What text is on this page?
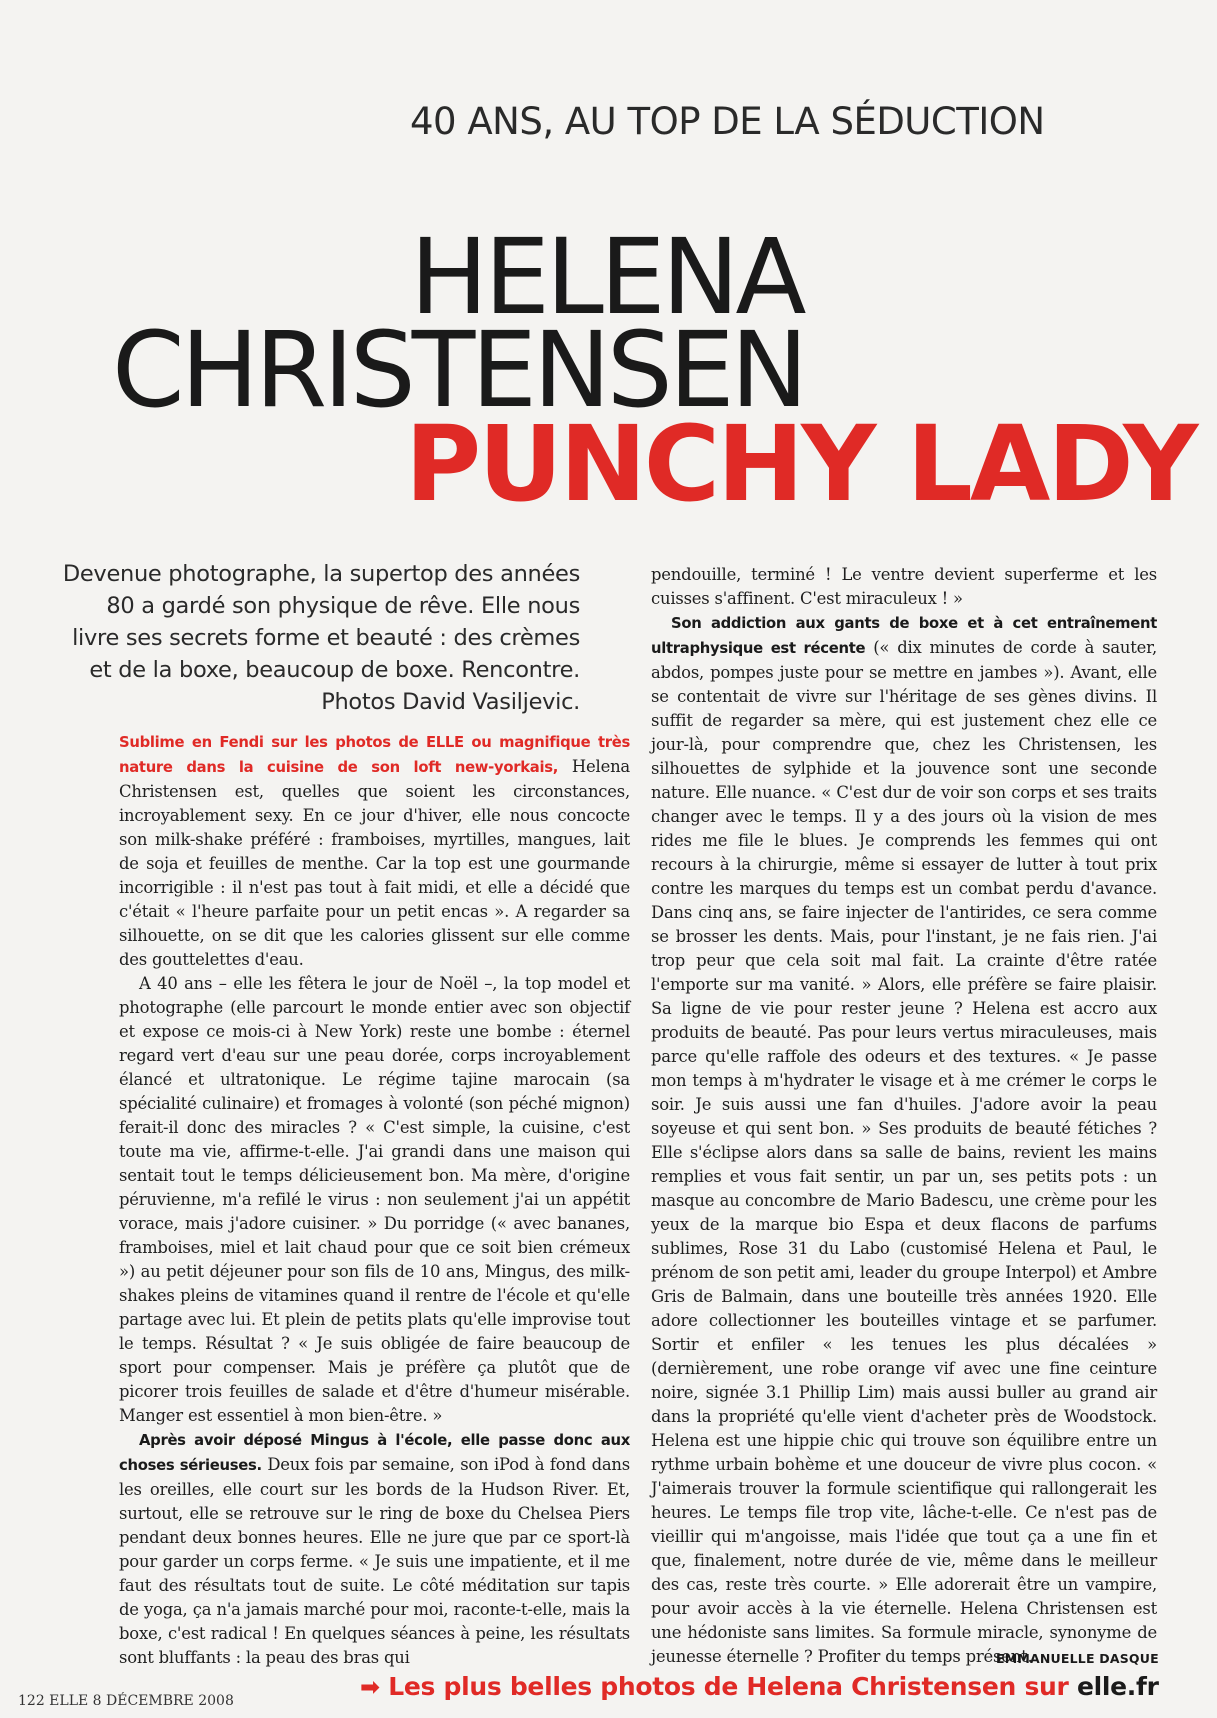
40 ANS, AU TOP DE LA SÉDUCTION
HELENA
CHRISTENSEN
PUNCHY LADY
Devenue photographe, la supertop des années 80 a gardé son physique de rêve. Elle nous livre ses secrets forme et beauté : des crèmes et de la boxe, beaucoup de boxe. Rencontre. Photos David Vasiljevic.

Sublime en Fendi sur les photos de ELLE ou magnifique très nature dans la cuisine de son loft new-yorkais, Helena Christensen est, quelles que soient les circonstances, incroyablement sexy. En ce jour d'hiver, elle nous concocte son milk-shake préféré : framboises, myrtilles, mangues, lait de soja et feuilles de menthe. Car la top est une gourmande incorrigible : il n'est pas tout à fait midi, et elle a décidé que c'était « l'heure parfaite pour un petit encas ». A regarder sa silhouette, on se dit que les calories glissent sur elle comme des gouttelettes d'eau.

A 40 ans – elle les fêtera le jour de Noël –, la top model et photographe (elle parcourt le monde entier avec son objectif et expose ce mois-ci à New York) reste une bombe : éternel regard vert d'eau sur une peau dorée, corps incroyablement élancé et ultratonique. Le régime tajine marocain (sa spécialité culinaire) et fromages à volonté (son péché mignon) ferait-il donc des miracles ? « C'est simple, la cuisine, c'est toute ma vie, affirme-t-elle. J'ai grandi dans une maison qui sentait tout le temps délicieusement bon. Ma mère, d'origine péruvienne, m'a refilé le virus : non seulement j'ai un appétit vorace, mais j'adore cuisiner. » Du porridge (« avec bananes, framboises, miel et lait chaud pour que ce soit bien crémeux ») au petit déjeuner pour son fils de 10 ans, Mingus, des milk-shakes pleins de vitamines quand il rentre de l'école et qu'elle partage avec lui. Et plein de petits plats qu'elle improvise tout le temps. Résultat ? « Je suis obligée de faire beaucoup de sport pour compenser. Mais je préfère ça plutôt que de picorer trois feuilles de salade et d'être d'humeur misérable. Manger est essentiel à mon bien-être. »

Après avoir déposé Mingus à l'école, elle passe donc aux choses sérieuses. Deux fois par semaine, son iPod à fond dans les oreilles, elle court sur les bords de la Hudson River. Et, surtout, elle se retrouve sur le ring de boxe du Chelsea Piers pendant deux bonnes heures. Elle ne jure que par ce sport-là pour garder un corps ferme. « Je suis une impatiente, et il me faut des résultats tout de suite. Le côté méditation sur tapis de yoga, ça n'a jamais marché pour moi, raconte-t-elle, mais la boxe, c'est radical ! En quelques séances à peine, les résultats sont bluffants : la peau des bras qui

pendouille, terminé ! Le ventre devient superferme et les cuisses s'affinent. C'est miraculeux ! »

Son addiction aux gants de boxe et à cet entraînement ultraphysique est récente (« dix minutes de corde à sauter, abdos, pompes juste pour se mettre en jambes »). Avant, elle se contentait de vivre sur l'héritage de ses gènes divins. Il suffit de regarder sa mère, qui est justement chez elle ce jour-là, pour comprendre que, chez les Christensen, les silhouettes de sylphide et la jouvence sont une seconde nature. Elle nuance. « C'est dur de voir son corps et ses traits changer avec le temps. Il y a des jours où la vision de mes rides me file le blues. Je comprends les femmes qui ont recours à la chirurgie, même si essayer de lutter à tout prix contre les marques du temps est un combat perdu d'avance. Dans cinq ans, se faire injecter de l'antirides, ce sera comme se brosser les dents. Mais, pour l'instant, je ne fais rien. J'ai trop peur que cela soit mal fait. La crainte d'être ratée l'emporte sur ma vanité. » Alors, elle préfère se faire plaisir. Sa ligne de vie pour rester jeune ? Helena est accro aux produits de beauté. Pas pour leurs vertus miraculeuses, mais parce qu'elle raffole des odeurs et des textures. « Je passe mon temps à m'hydrater le visage et à me crémer le corps le soir. Je suis aussi une fan d'huiles. J'adore avoir la peau soyeuse et qui sent bon. » Ses produits de beauté fétiches ? Elle s'éclipse alors dans sa salle de bains, revient les mains remplies et vous fait sentir, un par un, ses petits pots : un masque au concombre de Mario Badescu, une crème pour les yeux de la marque bio Espa et deux flacons de parfums sublimes, Rose 31 du Labo (customisé Helena et Paul, le prénom de son petit ami, leader du groupe Interpol) et Ambre Gris de Balmain, dans une bouteille très années 1920. Elle adore collectionner les bouteilles vintage et se parfumer. Sortir et enfiler « les tenues les plus décalées » (dernièrement, une robe orange vif avec une fine ceinture noire, signée 3.1 Phillip Lim) mais aussi buller au grand air dans la propriété qu'elle vient d'acheter près de Woodstock. Helena est une hippie chic qui trouve son équilibre entre un rythme urbain bohème et une douceur de vivre plus cocon. « J'aimerais trouver la formule scientifique qui rallongerait les heures. Le temps file trop vite, lâche-t-elle. Ce n'est pas de vieillir qui m'angoisse, mais l'idée que tout ça a une fin et que, finalement, notre durée de vie, même dans le meilleur des cas, reste très courte. » Elle adorerait être un vampire, pour avoir accès à la vie éternelle. Helena Christensen est une hédoniste sans limites. Sa formule miracle, synonyme de jeunesse éternelle ? Profiter du temps présent.

EMMANUELLE DASQUE
122 ELLE 8 DÉCEMBRE 2008	➡ Les plus belles photos de Helena Christensen sur elle.fr
